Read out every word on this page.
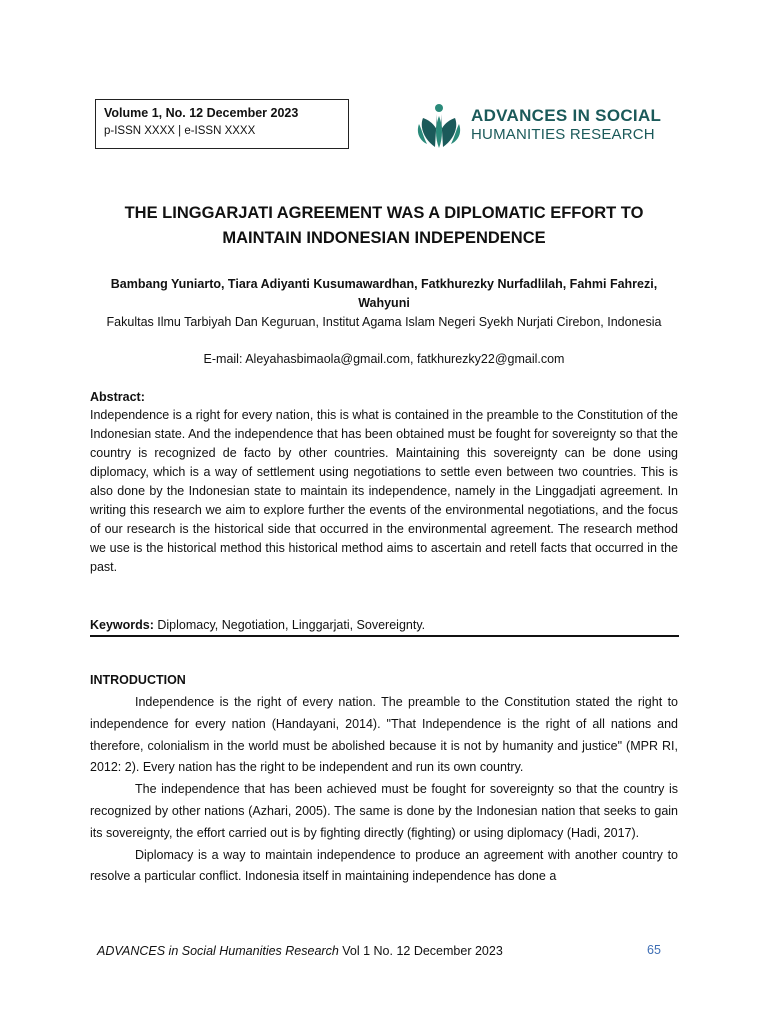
Volume 1, No. 12 December 2023
p-ISSN XXXX | e-ISSN XXXX
ADVANCES IN SOCIAL
HUMANITIES RESEARCH
THE LINGGARJATI AGREEMENT WAS A DIPLOMATIC EFFORT TO MAINTAIN INDONESIAN INDEPENDENCE
Bambang Yuniarto, Tiara Adiyanti Kusumawardhan, Fatkhurezky Nurfadlilah, Fahmi Fahrezi, Wahyuni
Fakultas Ilmu Tarbiyah Dan Keguruan, Institut Agama Islam Negeri Syekh Nurjati Cirebon, Indonesia
E-mail: Aleyahasbimaola@gmail.com, fatkhurezky22@gmail.com
Abstract:
Independence is a right for every nation, this is what is contained in the preamble to the Constitution of the Indonesian state. And the independence that has been obtained must be fought for sovereignty so that the country is recognized de facto by other countries. Maintaining this sovereignty can be done using diplomacy, which is a way of settlement using negotiations to settle even between two countries. This is also done by the Indonesian state to maintain its independence, namely in the Linggadjati agreement. In writing this research we aim to explore further the events of the environmental negotiations, and the focus of our research is the historical side that occurred in the environmental agreement. The research method we use is the historical method this historical method aims to ascertain and retell facts that occurred in the past.
Keywords: Diplomacy, Negotiation, Linggarjati, Sovereignty.
INTRODUCTION

Independence is the right of every nation. The preamble to the Constitution stated the right to independence for every nation (Handayani, 2014). "That Independence is the right of all nations and therefore, colonialism in the world must be abolished because it is not by humanity and justice" (MPR RI, 2012: 2). Every nation has the right to be independent and run its own country.

The independence that has been achieved must be fought for sovereignty so that the country is recognized by other nations (Azhari, 2005). The same is done by the Indonesian nation that seeks to gain its sovereignty, the effort carried out is by fighting directly (fighting) or using diplomacy (Hadi, 2017).

Diplomacy is a way to maintain independence to produce an agreement with another country to resolve a particular conflict. Indonesia itself in maintaining independence has done a

ADVANCES in Social Humanities Research Vol 1 No. 12 December 2023	65
